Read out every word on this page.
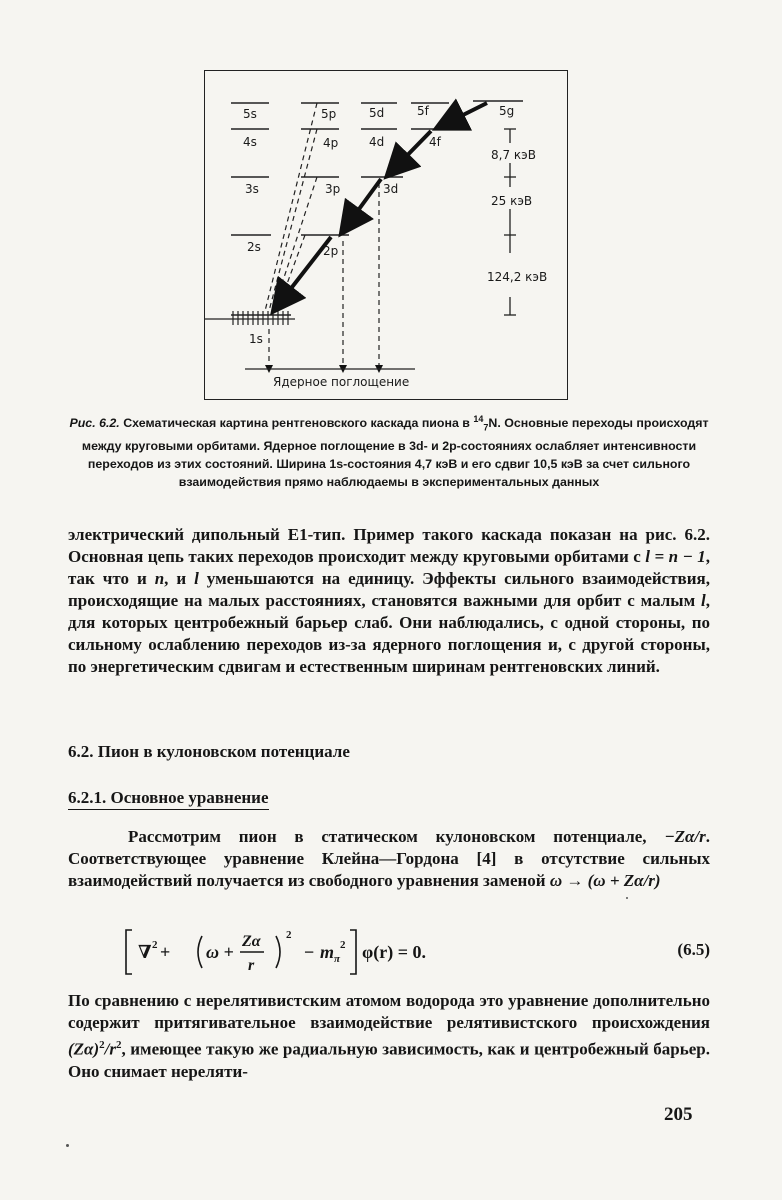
5s	5p	5d	5f	5g
4s	4p	4d	4f
3s	3p	3d
2s	2p
1s
8,7 кэВ
25 кэВ
124,2 кэВ
Ядерное поглощение
Рис. 6.2. Схематическая картина рентгеновского каскада пиона в $^{14}_7$N. Основные переходы происходят между круговыми орбитами. Ядерное поглощение в 3d- и 2p-состояниях ослабляет интенсивности переходов из этих состояний. Ширина 1s-состояния 4,7 кэВ и его сдвиг 10,5 кэВ за счет сильного взаимодействия прямо наблюдаемы в экспериментальных данных
электрический дипольный E1-тип. Пример такого каскада показан на рис. 6.2. Основная цепь таких переходов происходит между круговыми орбитами с l = n − 1, так что и n, и l уменьшаются на единицу. Эффекты сильного взаимодействия, происходящие на малых расстояниях, становятся важными для орбит с малым l, для которых центробежный барьер слаб. Они наблюдались, с одной стороны, по сильному ослаблению переходов из-за ядерного поглощения и, с другой стороны, по энергетическим сдвигам и естественным ширинам рентгеновских линий.
6.2. Пион в кулоновском потенциале
6.2.1. Основное уравнение
Рассмотрим пион в статическом кулоновском потенциале, −Zα/r. Соответствующее уравнение Клейна—Гордона [4] в отсутствие сильных взаимодействий получается из свободного уравнения заменой ω → (ω + Zα/r)
∇ 2 + ω +
Zα
r
2
− m π
2 φ(r) = 0.	(6.5)
По сравнению с нерелятивистским атомом водорода это уравнение дополнительно содержит притягивательное взаимодействие релятивистского происхождения $(Z\alpha)^2/r^2$, имеющее такую же радиальную зависимость, как и центробежный барьер. Оно снимает нереляти-
205
